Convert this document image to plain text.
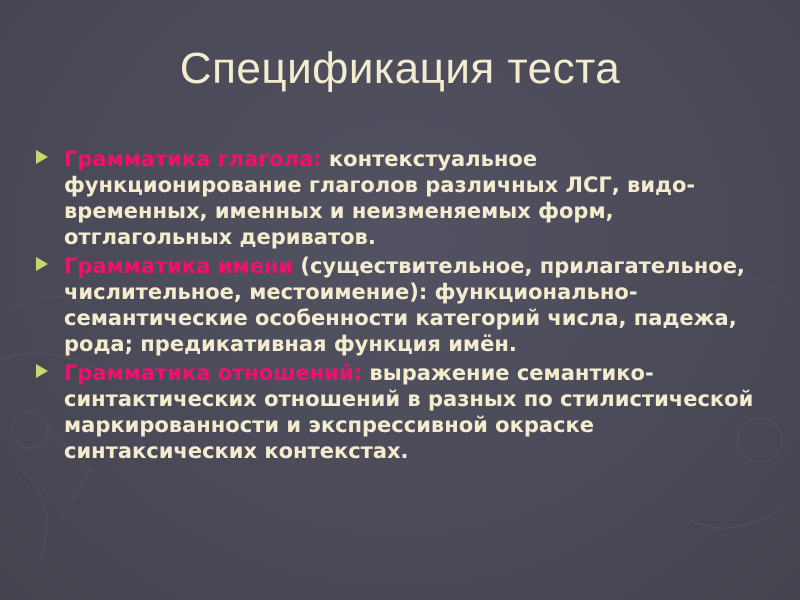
Спецификация теста
Грамматика глагола: контекстуальное функционирование глаголов различных ЛСГ, видо-временных, именных и неизменяемых форм, отглагольных дериватов.
Грамматика имени (существительное, прилагательное, числительное, местоимение): функционально-семантические особенности категорий числа, падежа, рода; предикативная функция имён.
Грамматика отношений: выражение семантико-синтактических отношений в разных по стилистической маркированности и экспрессивной окраске синтаксических контекстах.
